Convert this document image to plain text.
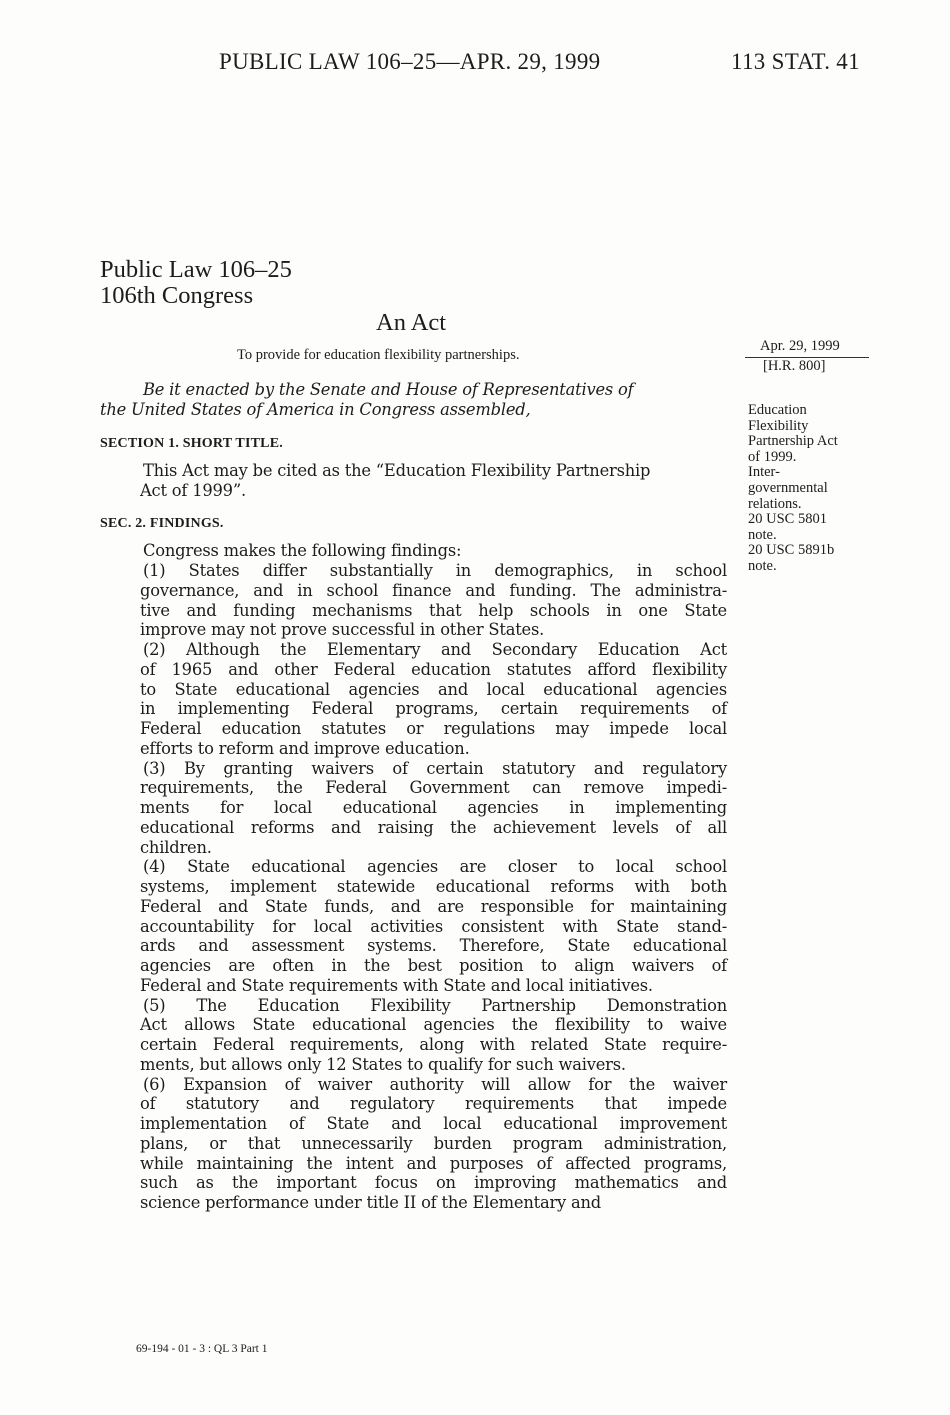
PUBLIC LAW 106–25—APR. 29, 1999	113 STAT. 41
Public Law 106–25
106th Congress
An Act
To provide for education flexibility partnerships.
Apr. 29, 1999
[H.R. 800]
Education
Flexibility
Partnership Act
of 1999.
Inter-
governmental
relations.
20 USC 5801
note.
20 USC 5891b
note.
Be it enacted by the Senate and House of Representatives of
the United States of America in Congress assembled,
SECTION 1. SHORT TITLE.
This Act may be cited as the “Education Flexibility Partnership
Act of 1999”.
SEC. 2. FINDINGS.
Congress makes the following findings:
(1) States differ substantially in demographics, in school
governance, and in school finance and funding. The administra-
tive and funding mechanisms that help schools in one State
improve may not prove successful in other States.
(2) Although the Elementary and Secondary Education Act
of 1965 and other Federal education statutes afford flexibility
to State educational agencies and local educational agencies
in implementing Federal programs, certain requirements of
Federal education statutes or regulations may impede local
efforts to reform and improve education.
(3) By granting waivers of certain statutory and regulatory
requirements, the Federal Government can remove impedi-
ments for local educational agencies in implementing
educational reforms and raising the achievement levels of all
children.
(4) State educational agencies are closer to local school
systems, implement statewide educational reforms with both
Federal and State funds, and are responsible for maintaining
accountability for local activities consistent with State stand-
ards and assessment systems. Therefore, State educational
agencies are often in the best position to align waivers of
Federal and State requirements with State and local initiatives.
(5) The Education Flexibility Partnership Demonstration
Act allows State educational agencies the flexibility to waive
certain Federal requirements, along with related State require-
ments, but allows only 12 States to qualify for such waivers.
(6) Expansion of waiver authority will allow for the waiver
of statutory and regulatory requirements that impede
implementation of State and local educational improvement
plans, or that unnecessarily burden program administration,
while maintaining the intent and purposes of affected programs,
such as the important focus on improving mathematics and
science performance under title II of the Elementary and
69-194 - 01 - 3 : QL 3 Part 1
